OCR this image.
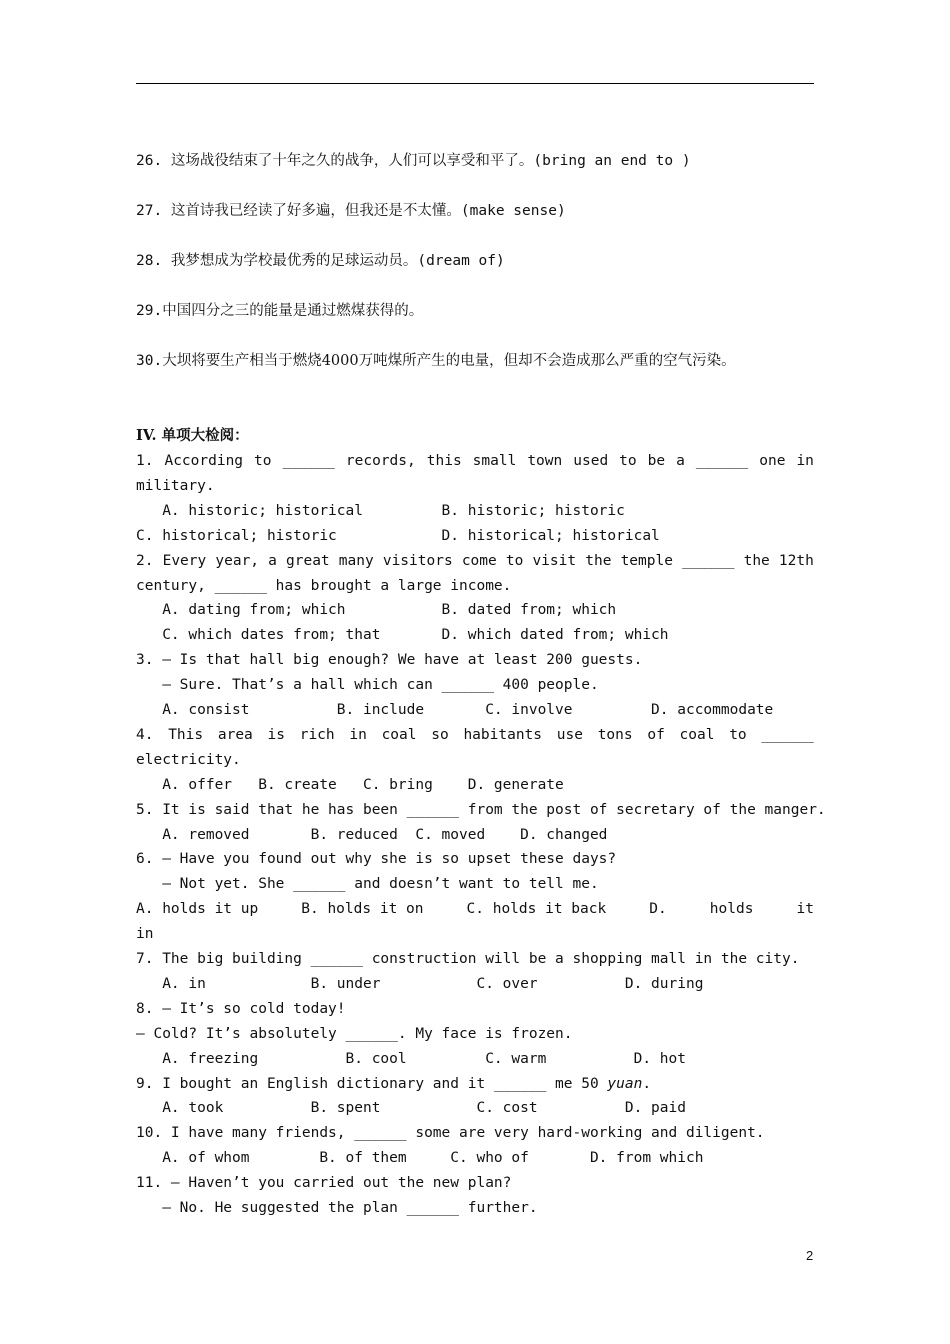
26. 这场战役结束了十年之久的战争，人们可以享受和平了。(bring an end to )
27. 这首诗我已经读了好多遍，但我还是不太懂。(make sense)
28. 我梦想成为学校最优秀的足球运动员。(dream of)
29.中国四分之三的能量是通过燃煤获得的。
30.大坝将要生产相当于燃烧4000万吨煤所产生的电量，但却不会造成那么严重的空气污染。
IV. 单项大检阅：
1. According to ______ records, this small town used to be a ______ one in
military.
A. historic; historical         B. historic; historic
C. historical; historic            D. historical; historical
2. Every year, a great many visitors come to visit the temple ______ the 12th
century, ______ has brought a large income.
A. dating from; which           B. dated from; which
C. which dates from; that       D. which dated from; which
3. — Is that hall big enough? We have at least 200 guests.
— Sure. That’s a hall which can ______ 400 people.
A. consist          B. include       C. involve         D. accommodate
4. This area is rich in coal so habitants use tons of coal to ______
electricity.
A. offer   B. create   C. bring    D. generate
5. It is said that he has been ______ from the post of secretary of the manger.
A. removed       B. reduced  C. moved    D. changed
6. — Have you found out why she is so upset these days?
— Not yet. She ______ and doesn’t want to tell me.
A. holds it up	B. holds it on	C. holds it back	D.	holds	it
in
7. The big building ______ construction will be a shopping mall in the city.
A. in            B. under           C. over          D. during
8. — It’s so cold today!
— Cold? It’s absolutely ______. My face is frozen.
A. freezing          B. cool         C. warm          D. hot
9. I bought an English dictionary and it ______ me 50 yuan.
A. took          B. spent           C. cost          D. paid
10. I have many friends, ______ some are very hard-working and diligent.
A. of whom        B. of them     C. who of       D. from which
11. — Haven’t you carried out the new plan?
— No. He suggested the plan ______ further.
2
